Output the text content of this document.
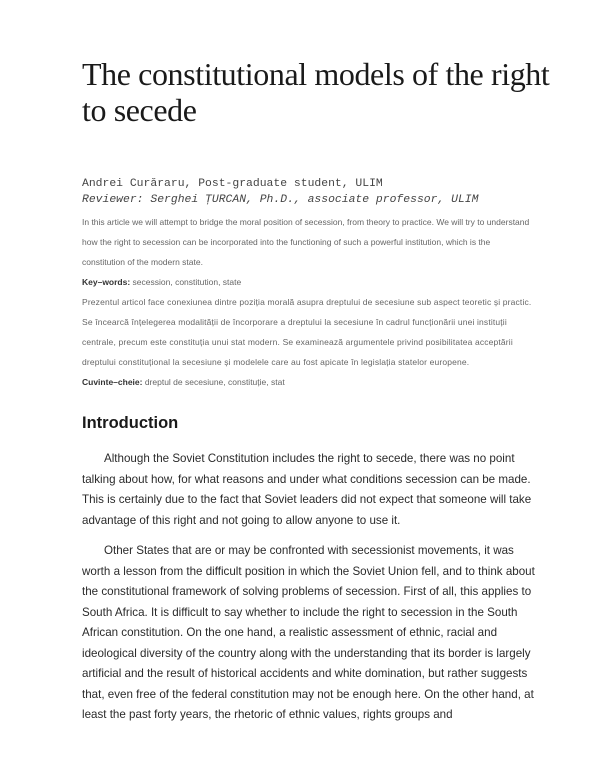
The constitutional models of the right to secede
Andrei Curăraru, Post-graduate student, ULIM
Reviewer: Serghei ȚURCAN, Ph.D., associate professor, ULIM

In this article we will attempt to bridge the moral position of secession, from theory to practice. We will try to understand how the right to secession can be incorporated into the functioning of such a powerful institution, which is the constitution of the modern state.

Key–words: secession, constitution, state

Prezentul articol face conexiunea dintre poziția morală asupra dreptului de secesiune sub aspect teoretic și practic. Se încearcă înțelegerea modalității de încorporare a dreptului la secesiune în cadrul funcționării unei instituții centrale, precum este constituția unui stat modern. Se examinează argumentele privind posibilitatea acceptării dreptului constituțional la secesiune și modelele care au fost apicate în legislația statelor europene.

Cuvinte–cheie: dreptul de secesiune, constituție, stat

Introduction

Although the Soviet Constitution includes the right to secede, there was no point talking about how, for what reasons and under what conditions secession can be made. This is certainly due to the fact that Soviet leaders did not expect that someone will take advantage of this right and not going to allow anyone to use it.

Other States that are or may be confronted with secessionist movements, it was worth a lesson from the difficult position in which the Soviet Union fell, and to think about the constitutional framework of solving problems of secession. First of all, this applies to South Africa. It is difficult to say whether to include the right to secession in the South African constitution. On the one hand, a realistic assessment of ethnic, racial and ideological diversity of the country along with the understanding that its border is largely artificial and the result of historical accidents and white domination, but rather suggests that, even free of the federal constitution may not be enough here. On the other hand, at least the past forty years, the rhetoric of ethnic values, rights groups and
